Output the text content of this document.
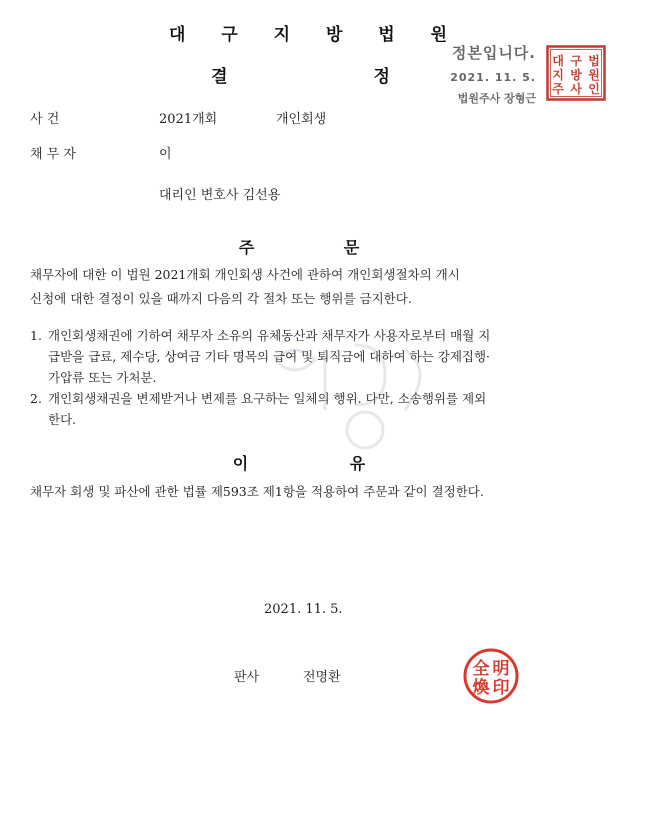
대 구 지 방 법 원
결 정
정본입니다.
2021. 11. 5.
법원주사 장형근
대
지
주
구
방
사
법
원
인
사 건	2021개회	개인회생
채 무 자	이
대리인 변호사 김선용
주 문
채무자에 대한 이 법원 2021개회 개인회생 사건에 관하여 개인회생절차의 개시
신청에 대한 결정이 있을 때까지 다음의 각 절차 또는 행위를 금지한다.
1. 개인회생채권에 기하여 채무자 소유의 유체동산과 채무자가 사용자로부터 매월 지
급받을 급료, 제수당, 상여금 기타 명목의 급여 및 퇴직금에 대하여 하는 강제집행·
가압류 또는 가처분.
2. 개인회생채권을 변제받거나 변제를 요구하는 일체의 행위. 다만, 소송행위를 제외
한다.
이 유
채무자 회생 및 파산에 관한 법률 제593조 제1항을 적용하여 주문과 같이 결정한다.
2021. 11. 5.
판사	전명환	全 明
煥 印
